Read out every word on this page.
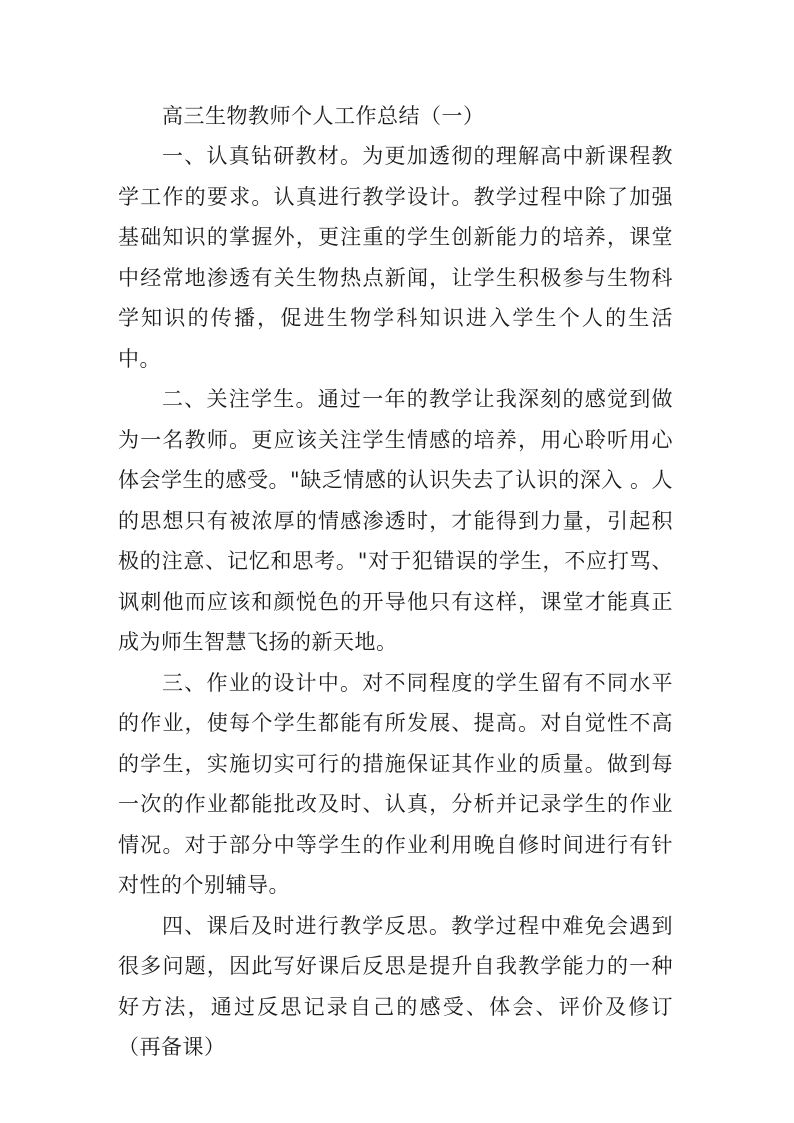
高三生物教师个人工作总结（一）

一、认真钻研教材。为更加透彻的理解高中新课程教学工作的要求。认真进行教学设计。教学过程中除了加强基础知识的掌握外，更注重的学生创新能力的培养，课堂中经常地渗透有关生物热点新闻，让学生积极参与生物科学知识的传播，促进生物学科知识进入学生个人的生活中。

二、关注学生。通过一年的教学让我深刻的感觉到做为一名教师。更应该关注学生情感的培养，用心聆听用心体会学生的感受。"缺乏情感的认识失去了认识的深入 。人的思想只有被浓厚的情感渗透时，才能得到力量，引起积极的注意、记忆和思考。"对于犯错误的学生，不应打骂、讽刺他而应该和颜悦色的开导他只有这样，课堂才能真正成为师生智慧飞扬的新天地。

三、作业的设计中。对不同程度的学生留有不同水平的作业，使每个学生都能有所发展、提高。对自觉性不高的学生，实施切实可行的措施保证其作业的质量。做到每一次的作业都能批改及时、认真，分析并记录学生的作业情况。对于部分中等学生的作业利用晚自修时间进行有针对性的个别辅导。

四、课后及时进行教学反思。教学过程中难免会遇到很多问题，因此写好课后反思是提升自我教学能力的一种好方法，通过反思记录自己的感受、体会、评价及修订（再备课）
